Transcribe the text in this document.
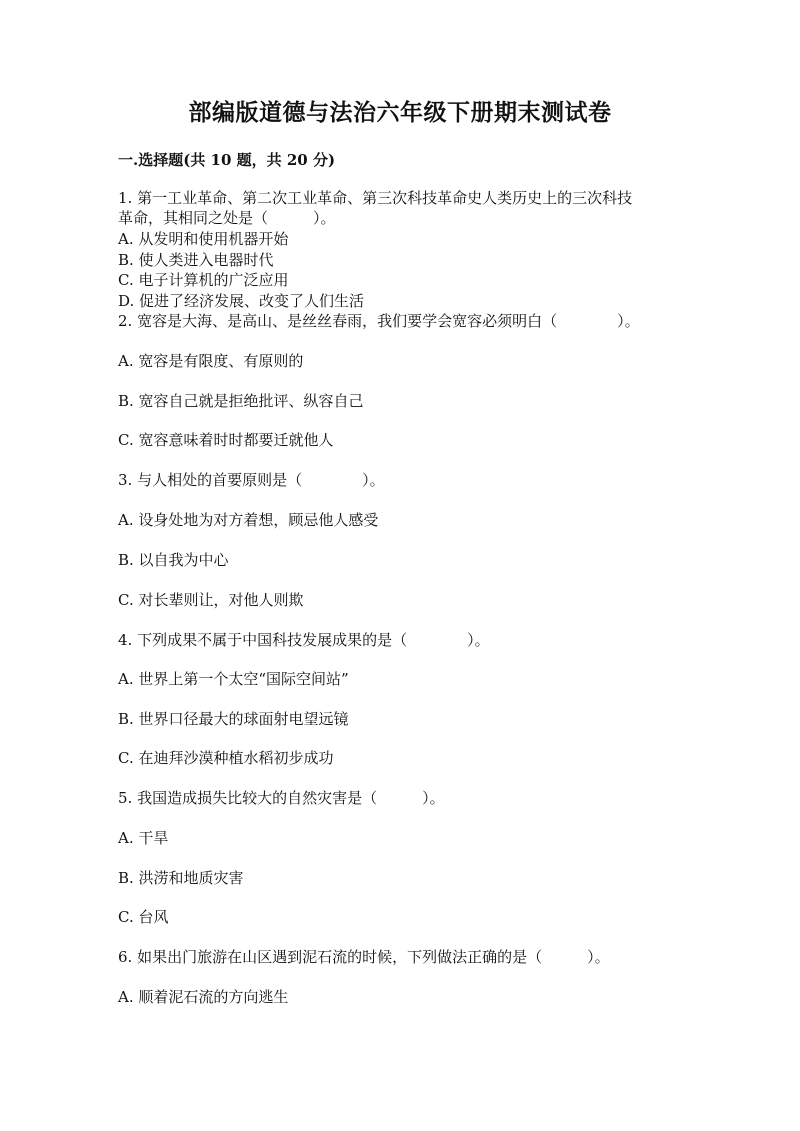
部编版道德与法治六年级下册期末测试卷
一.选择题(共 10 题，共 20 分)
1. 第一工业革命、第二次工业革命、第三次科技革命史人类历史上的三次科技
革命，其相同之处是（　　　）。
A. 从发明和使用机器开始
B. 使人类进入电器时代
C. 电子计算机的广泛应用
D. 促进了经济发展、改变了人们生活
2. 宽容是大海、是高山、是丝丝春雨，我们要学会宽容必须明白（　　　　）。
A. 宽容是有限度、有原则的
B. 宽容自己就是拒绝批评、纵容自己
C. 宽容意味着时时都要迁就他人
3. 与人相处的首要原则是（　　　　）。
A. 设身处地为对方着想，顾忌他人感受
B. 以自我为中心
C. 对长辈则让，对他人则欺
4. 下列成果不属于中国科技发展成果的是（　　　　）。
A. 世界上第一个太空“国际空间站”
B. 世界口径最大的球面射电望远镜
C. 在迪拜沙漠种植水稻初步成功
5. 我国造成损失比较大的自然灾害是（　　　）。
A. 干旱
B. 洪涝和地质灾害
C. 台风
6. 如果出门旅游在山区遇到泥石流的时候，下列做法正确的是（　　　）。
A. 顺着泥石流的方向逃生
